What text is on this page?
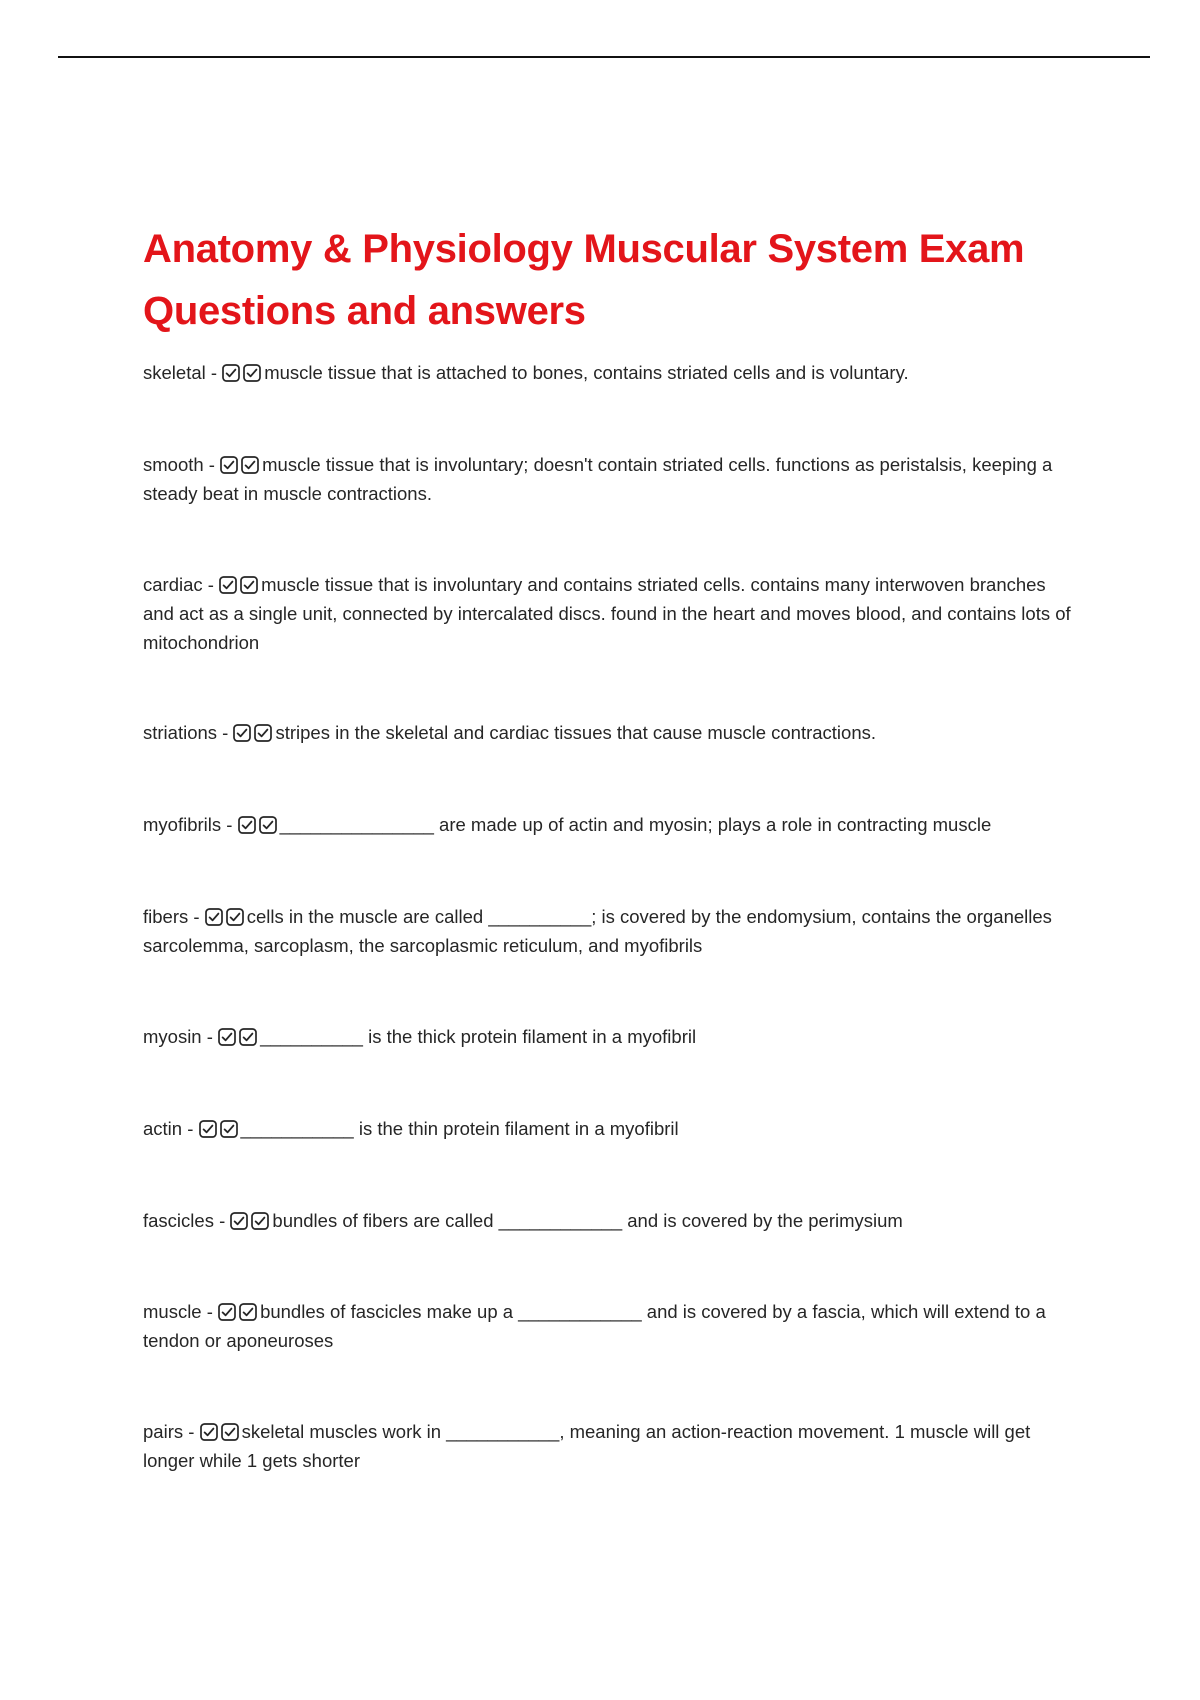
Anatomy & Physiology Muscular System Exam Questions and answers
skeletal -
muscle tissue that is attached to bones, contains striated cells and is voluntary.
smooth -
muscle tissue that is involuntary; doesn't contain striated cells. functions as peristalsis, keeping a steady beat in muscle contractions.
cardiac -
muscle tissue that is involuntary and contains striated cells. contains many interwoven branches and act as a single unit, connected by intercalated discs. found in the heart and moves blood, and contains lots of mitochondrion
striations -
stripes in the skeletal and cardiac tissues that cause muscle contractions.
myofibrils -
_______________ are made up of actin and myosin; plays a role in contracting muscle
fibers -
cells in the muscle are called __________; is covered by the endomysium, contains the organelles sarcolemma, sarcoplasm, the sarcoplasmic reticulum, and myofibrils
myosin -
__________ is the thick protein filament in a myofibril
actin -
___________ is the thin protein filament in a myofibril
fascicles -
bundles of fibers are called ____________ and is covered by the perimysium
muscle -
bundles of fascicles make up a ____________ and is covered by a fascia, which will extend to a tendon or aponeuroses
pairs -
skeletal muscles work in ___________, meaning an action-reaction movement. 1 muscle will get longer while 1 gets shorter
